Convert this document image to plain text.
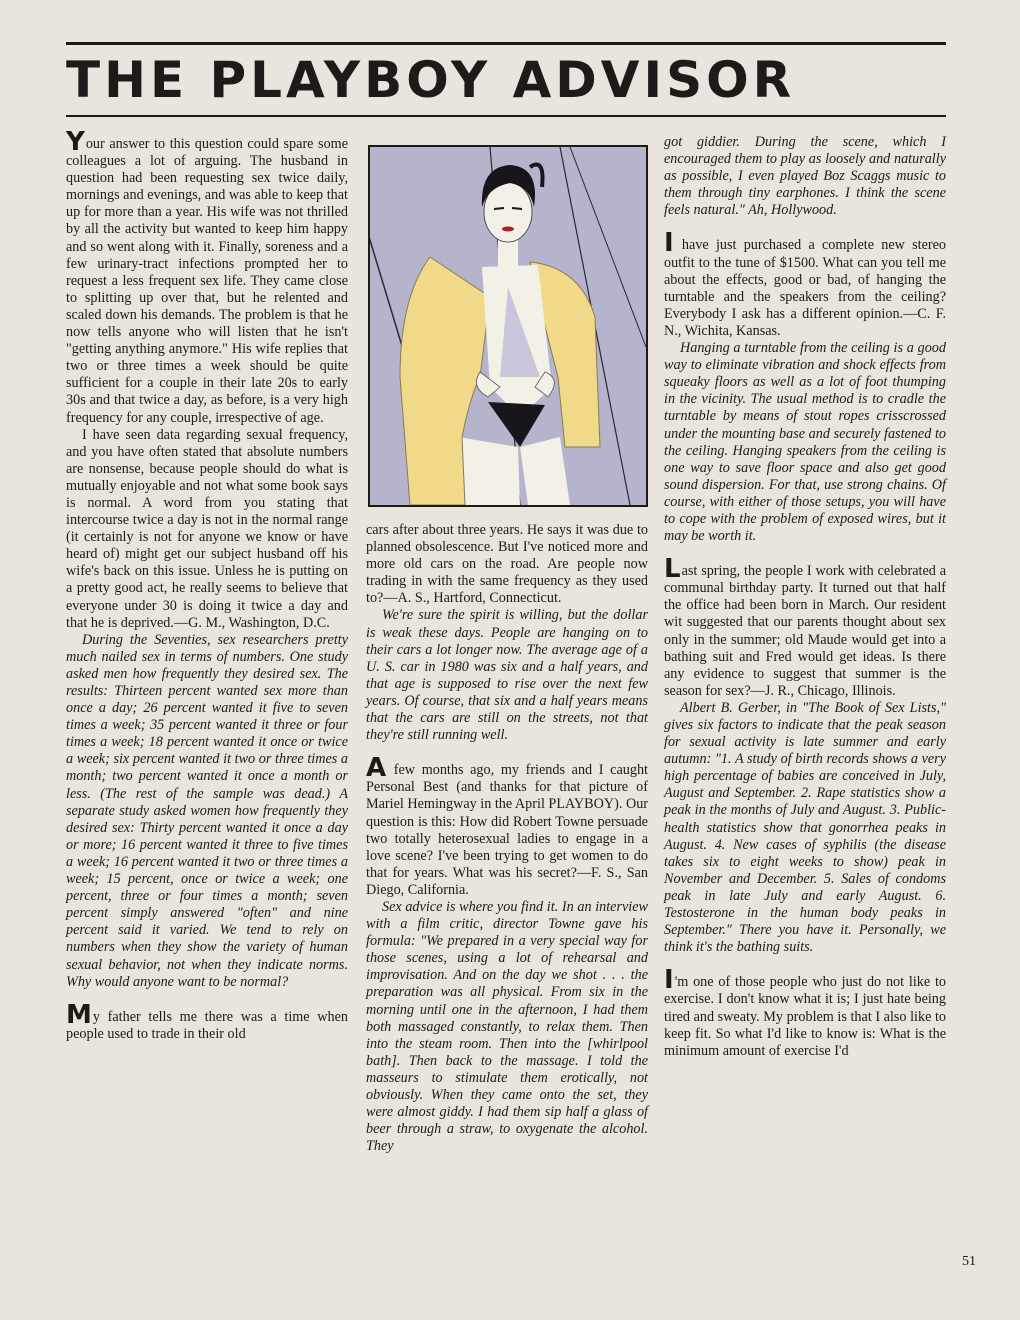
THE PLAYBOY ADVISOR

Your answer to this question could spare some colleagues a lot of arguing. The husband in question had been requesting sex twice daily, mornings and evenings, and was able to keep that up for more than a year. His wife was not thrilled by all the activity but wanted to keep him happy and so went along with it. Finally, soreness and a few urinary-tract infections prompted her to request a less frequent sex life. They came close to splitting up over that, but he relented and scaled down his demands. The problem is that he now tells anyone who will listen that he isn't "getting anything anymore." His wife replies that two or three times a week should be quite sufficient for a couple in their late 20s to early 30s and that twice a day, as before, is a very high frequency for any couple, irrespective of age.

I have seen data regarding sexual frequency, and you have often stated that absolute numbers are nonsense, because people should do what is mutually enjoyable and not what some book says is normal. A word from you stating that intercourse twice a day is not in the normal range (it certainly is not for anyone we know or have heard of) might get our subject husband off his wife's back on this issue. Unless he is putting on a pretty good act, he really seems to believe that everyone under 30 is doing it twice a day and that he is deprived.—G. M., Washington, D.C.

During the Seventies, sex researchers pretty much nailed sex in terms of numbers. One study asked men how frequently they desired sex. The results: Thirteen percent wanted sex more than once a day; 26 percent wanted it five to seven times a week; 35 percent wanted it three or four times a week; 18 percent wanted it once or twice a week; six percent wanted it two or three times a month; two percent wanted it once a month or less. (The rest of the sample was dead.) A separate study asked women how frequently they desired sex: Thirty percent wanted it once a day or more; 16 percent wanted it three to five times a week; 16 percent wanted it two or three times a week; 15 percent, once or twice a week; one percent, three or four times a month; seven percent simply answered "often" and nine percent said it varied. We tend to rely on numbers when they show the variety of human sexual behavior, not when they indicate norms. Why would anyone want to be normal?

My father tells me there was a time when people used to trade in their old

cars after about three years. He says it was due to planned obsolescence. But I've noticed more and more old cars on the road. Are people now trading in with the same frequency as they used to?—A. S., Hartford, Connecticut.

We're sure the spirit is willing, but the dollar is weak these days. People are hanging on to their cars a lot longer now. The average age of a U. S. car in 1980 was six and a half years, and that age is supposed to rise over the next few years. Of course, that six and a half years means that the cars are still on the streets, not that they're still running well.

A few months ago, my friends and I caught Personal Best (and thanks for that picture of Mariel Hemingway in the April PLAYBOY). Our question is this: How did Robert Towne persuade two totally heterosexual ladies to engage in a love scene? I've been trying to get women to do that for years. What was his secret?—F. S., San Diego, California.

Sex advice is where you find it. In an interview with a film critic, director Towne gave his formula: "We prepared in a very special way for those scenes, using a lot of rehearsal and improvisation. And on the day we shot . . . the preparation was all physical. From six in the morning until one in the afternoon, I had them both massaged constantly, to relax them. Then into the steam room. Then into the [whirlpool bath]. Then back to the massage. I told the masseurs to stimulate them erotically, not obviously. When they came onto the set, they were almost giddy. I had them sip half a glass of beer through a straw, to oxygenate the alcohol. They

got giddier. During the scene, which I encouraged them to play as loosely and naturally as possible, I even played Boz Scaggs music to them through tiny earphones. I think the scene feels natural." Ah, Hollywood.

I have just purchased a complete new stereo outfit to the tune of $1500. What can you tell me about the effects, good or bad, of hanging the turntable and the speakers from the ceiling? Everybody I ask has a different opinion.—C. F. N., Wichita, Kansas.

Hanging a turntable from the ceiling is a good way to eliminate vibration and shock effects from squeaky floors as well as a lot of foot thumping in the vicinity. The usual method is to cradle the turntable by means of stout ropes crisscrossed under the mounting base and securely fastened to the ceiling. Hanging speakers from the ceiling is one way to save floor space and also get good sound dispersion. For that, use strong chains. Of course, with either of those setups, you will have to cope with the problem of exposed wires, but it may be worth it.

Last spring, the people I work with celebrated a communal birthday party. It turned out that half the office had been born in March. Our resident wit suggested that our parents thought about sex only in the summer; old Maude would get into a bathing suit and Fred would get ideas. Is there any evidence to suggest that summer is the season for sex?—J. R., Chicago, Illinois.

Albert B. Gerber, in "The Book of Sex Lists," gives six factors to indicate that the peak season for sexual activity is late summer and early autumn: "1. A study of birth records shows a very high percentage of babies are conceived in July, August and September. 2. Rape statistics show a peak in the months of July and August. 3. Public-health statistics show that gonorrhea peaks in August. 4. New cases of syphilis (the disease takes six to eight weeks to show) peak in November and December. 5. Sales of condoms peak in late July and early August. 6. Testosterone in the human body peaks in September." There you have it. Personally, we think it's the bathing suits.

I'm one of those people who just do not like to exercise. I don't know what it is; I just hate being tired and sweaty. My problem is that I also like to keep fit. So what I'd like to know is: What is the minimum amount of exercise I'd

51
